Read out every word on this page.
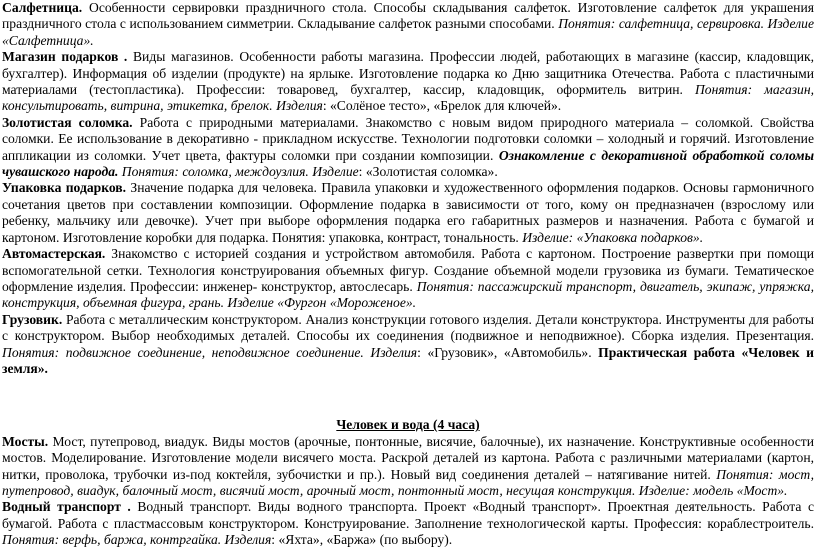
Салфетница. Особенности сервировки праздничного стола. Способы складывания салфеток. Изготовление салфеток для украшения праздничного стола с использованием симметрии. Складывание салфеток разными способами. Понятия: салфетница, сервировка. Изделие «Салфетница».

Магазин подарков . Виды магазинов. Особенности работы магазина. Профессии людей, работающих в магазине (кассир, кладовщик, бухгалтер). Информация об изделии (продукте) на ярлыке. Изготовление подарка ко Дню защитника Отечества. Работа с пластичными материалами (тестопластика). Профессии: товаровед, бухгалтер, кассир, кладовщик, оформитель витрин. Понятия: магазин, консультировать, витрина, этикетка, брелок. Изделия: «Солёное тесто», «Брелок для ключей».

Золотистая соломка. Работа с природными материалами. Знакомство с новым видом природного материала – соломкой. Свойства соломки. Ее использование в декоративно - прикладном искусстве. Технологии подготовки соломки – холодный и горячий. Изготовление аппликации из соломки. Учет цвета, фактуры соломки при создании композиции. Ознакомление с декоративной обработкой соломы чувашского народа. Понятия: соломка, междоузлия. Изделие: «Золотистая соломка».

Упаковка подарков. Значение подарка для человека. Правила упаковки и художественного оформления подарков. Основы гармоничного сочетания цветов при составлении композиции. Оформление подарка в зависимости от того, кому он предназначен (взрослому или ребенку, мальчику или девочке). Учет при выборе оформления подарка его габаритных размеров и назначения. Работа с бумагой и картоном. Изготовление коробки для подарка. Понятия: упаковка, контраст, тональность. Изделие: «Упаковка подарков».

Автомастерская. Знакомство с историей создания и устройством автомобиля. Работа с картоном. Построение развертки при помощи вспомогательной сетки. Технология конструирования объемных фигур. Создание объемной модели грузовика из бумаги. Тематическое оформление изделия. Профессии: инженер- конструктор, автослесарь. Понятия: пассажирский транспорт, двигатель, экипаж, упряжка, конструкция, объемная фигура, грань. Изделие «Фургон «Мороженое».

Грузовик. Работа с металлическим конструктором. Анализ конструкции готового изделия. Детали конструктора. Инструменты для работы с конструктором. Выбор необходимых деталей. Способы их соединения (подвижное и неподвижное). Сборка изделия. Презентация. Понятия: подвижное соединение, неподвижное соединение. Изделия: «Грузовик», «Автомобиль». Практическая работа «Человек и земля».

Человек и вода (4 часа)

Мосты. Мост, путепровод, виадук. Виды мостов (арочные, понтонные, висячие, балочные), их назначение. Конструктивные особенности мостов. Моделирование. Изготовление модели висячего моста. Раскрой деталей из картона. Работа с различными материалами (картон, нитки, проволока, трубочки из-под коктейля, зубочистки и пр.). Новый вид соединения деталей – натягивание нитей. Понятия: мост, путепровод, виадук, балочный мост, висячий мост, арочный мост, понтонный мост, несущая конструкция. Изделие: модель «Мост».

Водный транспорт . Водный транспорт. Виды водного транспорта. Проект «Водный транспорт». Проектная деятельность. Работа с бумагой. Работа с пластмассовым конструктором. Конструирование. Заполнение технологической карты. Профессия: кораблестроитель. Понятия: верфь, баржа, контргайка. Изделия: «Яхта», «Баржа» (по выбору).
